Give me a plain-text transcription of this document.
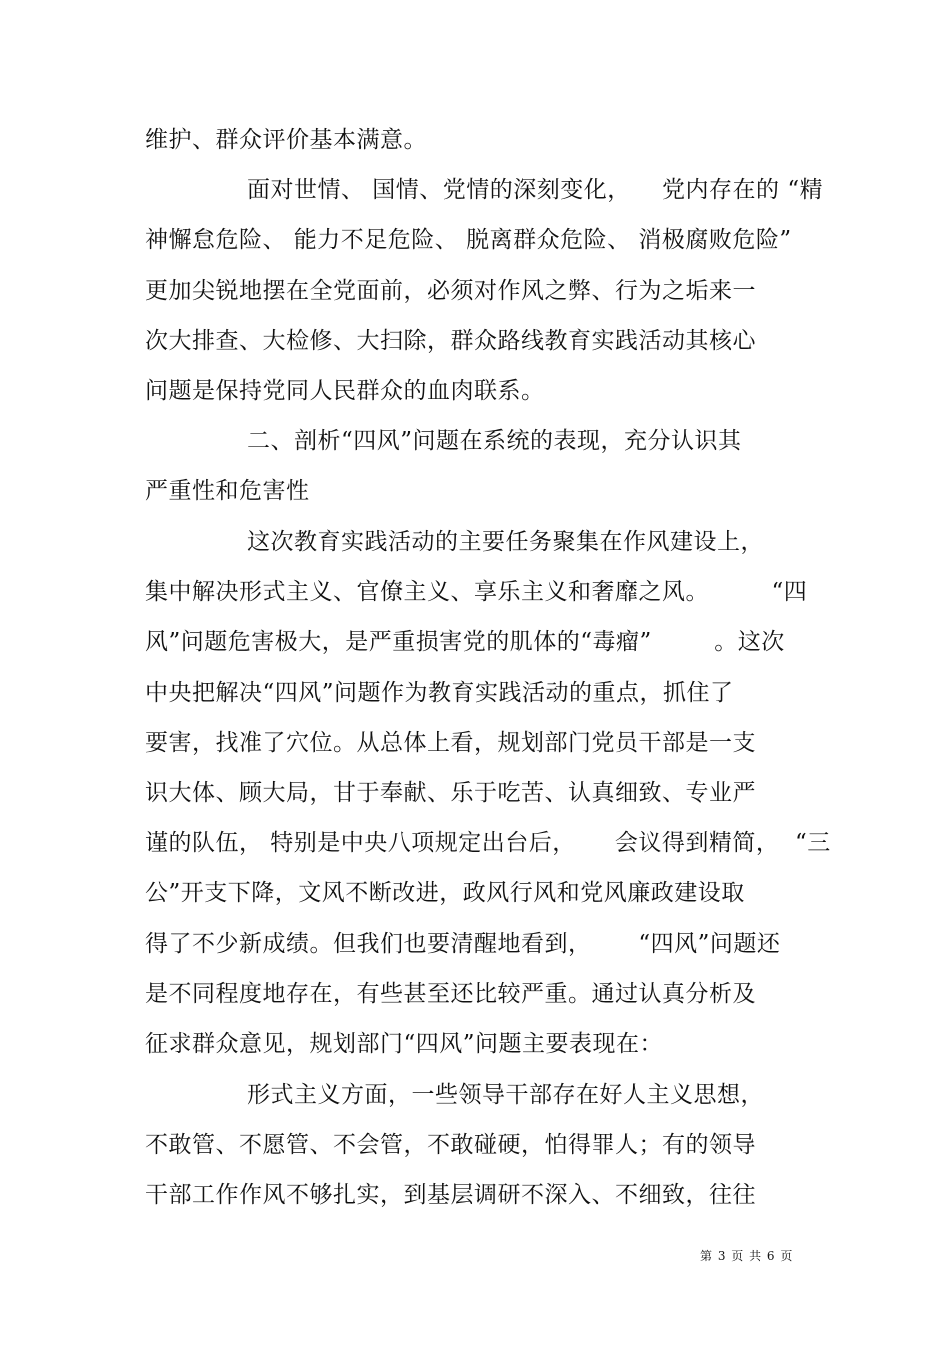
维护、群众评价基本满意。

面对世情、 国情、党情的深刻变化，    党内存在的 “精

神懈怠危险、 能力不足危险、 脱离群众危险、 消极腐败危险”

更加尖锐地摆在全党面前，必须对作风之弊、行为之垢来一

次大排查、大检修、大扫除，群众路线教育实践活动其核心

问题是保持党同人民群众的血肉联系。

二、剖析“四风”问题在系统的表现，充分认识其

严重性和危害性

这次教育实践活动的主要任务聚集在作风建设上，

集中解决形式主义、官僚主义、享乐主义和奢靡之风。        “四

风”问题危害极大，是严重损害党的肌体的“毒瘤”        。这次

中央把解决“四风”问题作为教育实践活动的重点，抓住了

要害，找准了穴位。从总体上看，规划部门党员干部是一支

识大体、顾大局，甘于奉献、乐于吃苦、认真细致、专业严

谨的队伍， 特别是中央八项规定出台后，     会议得到精简，  “三

公”开支下降，文风不断改进，政风行风和党风廉政建设取

得了不少新成绩。但我们也要清醒地看到，      “四风”问题还

是不同程度地存在，有些甚至还比较严重。通过认真分析及

征求群众意见，规划部门“四风”问题主要表现在：

形式主义方面，一些领导干部存在好人主义思想，

不敢管、不愿管、不会管，不敢碰硬，怕得罪人；有的领导

干部工作作风不够扎实，到基层调研不深入、不细致，往往

第 3 页 共 6 页
